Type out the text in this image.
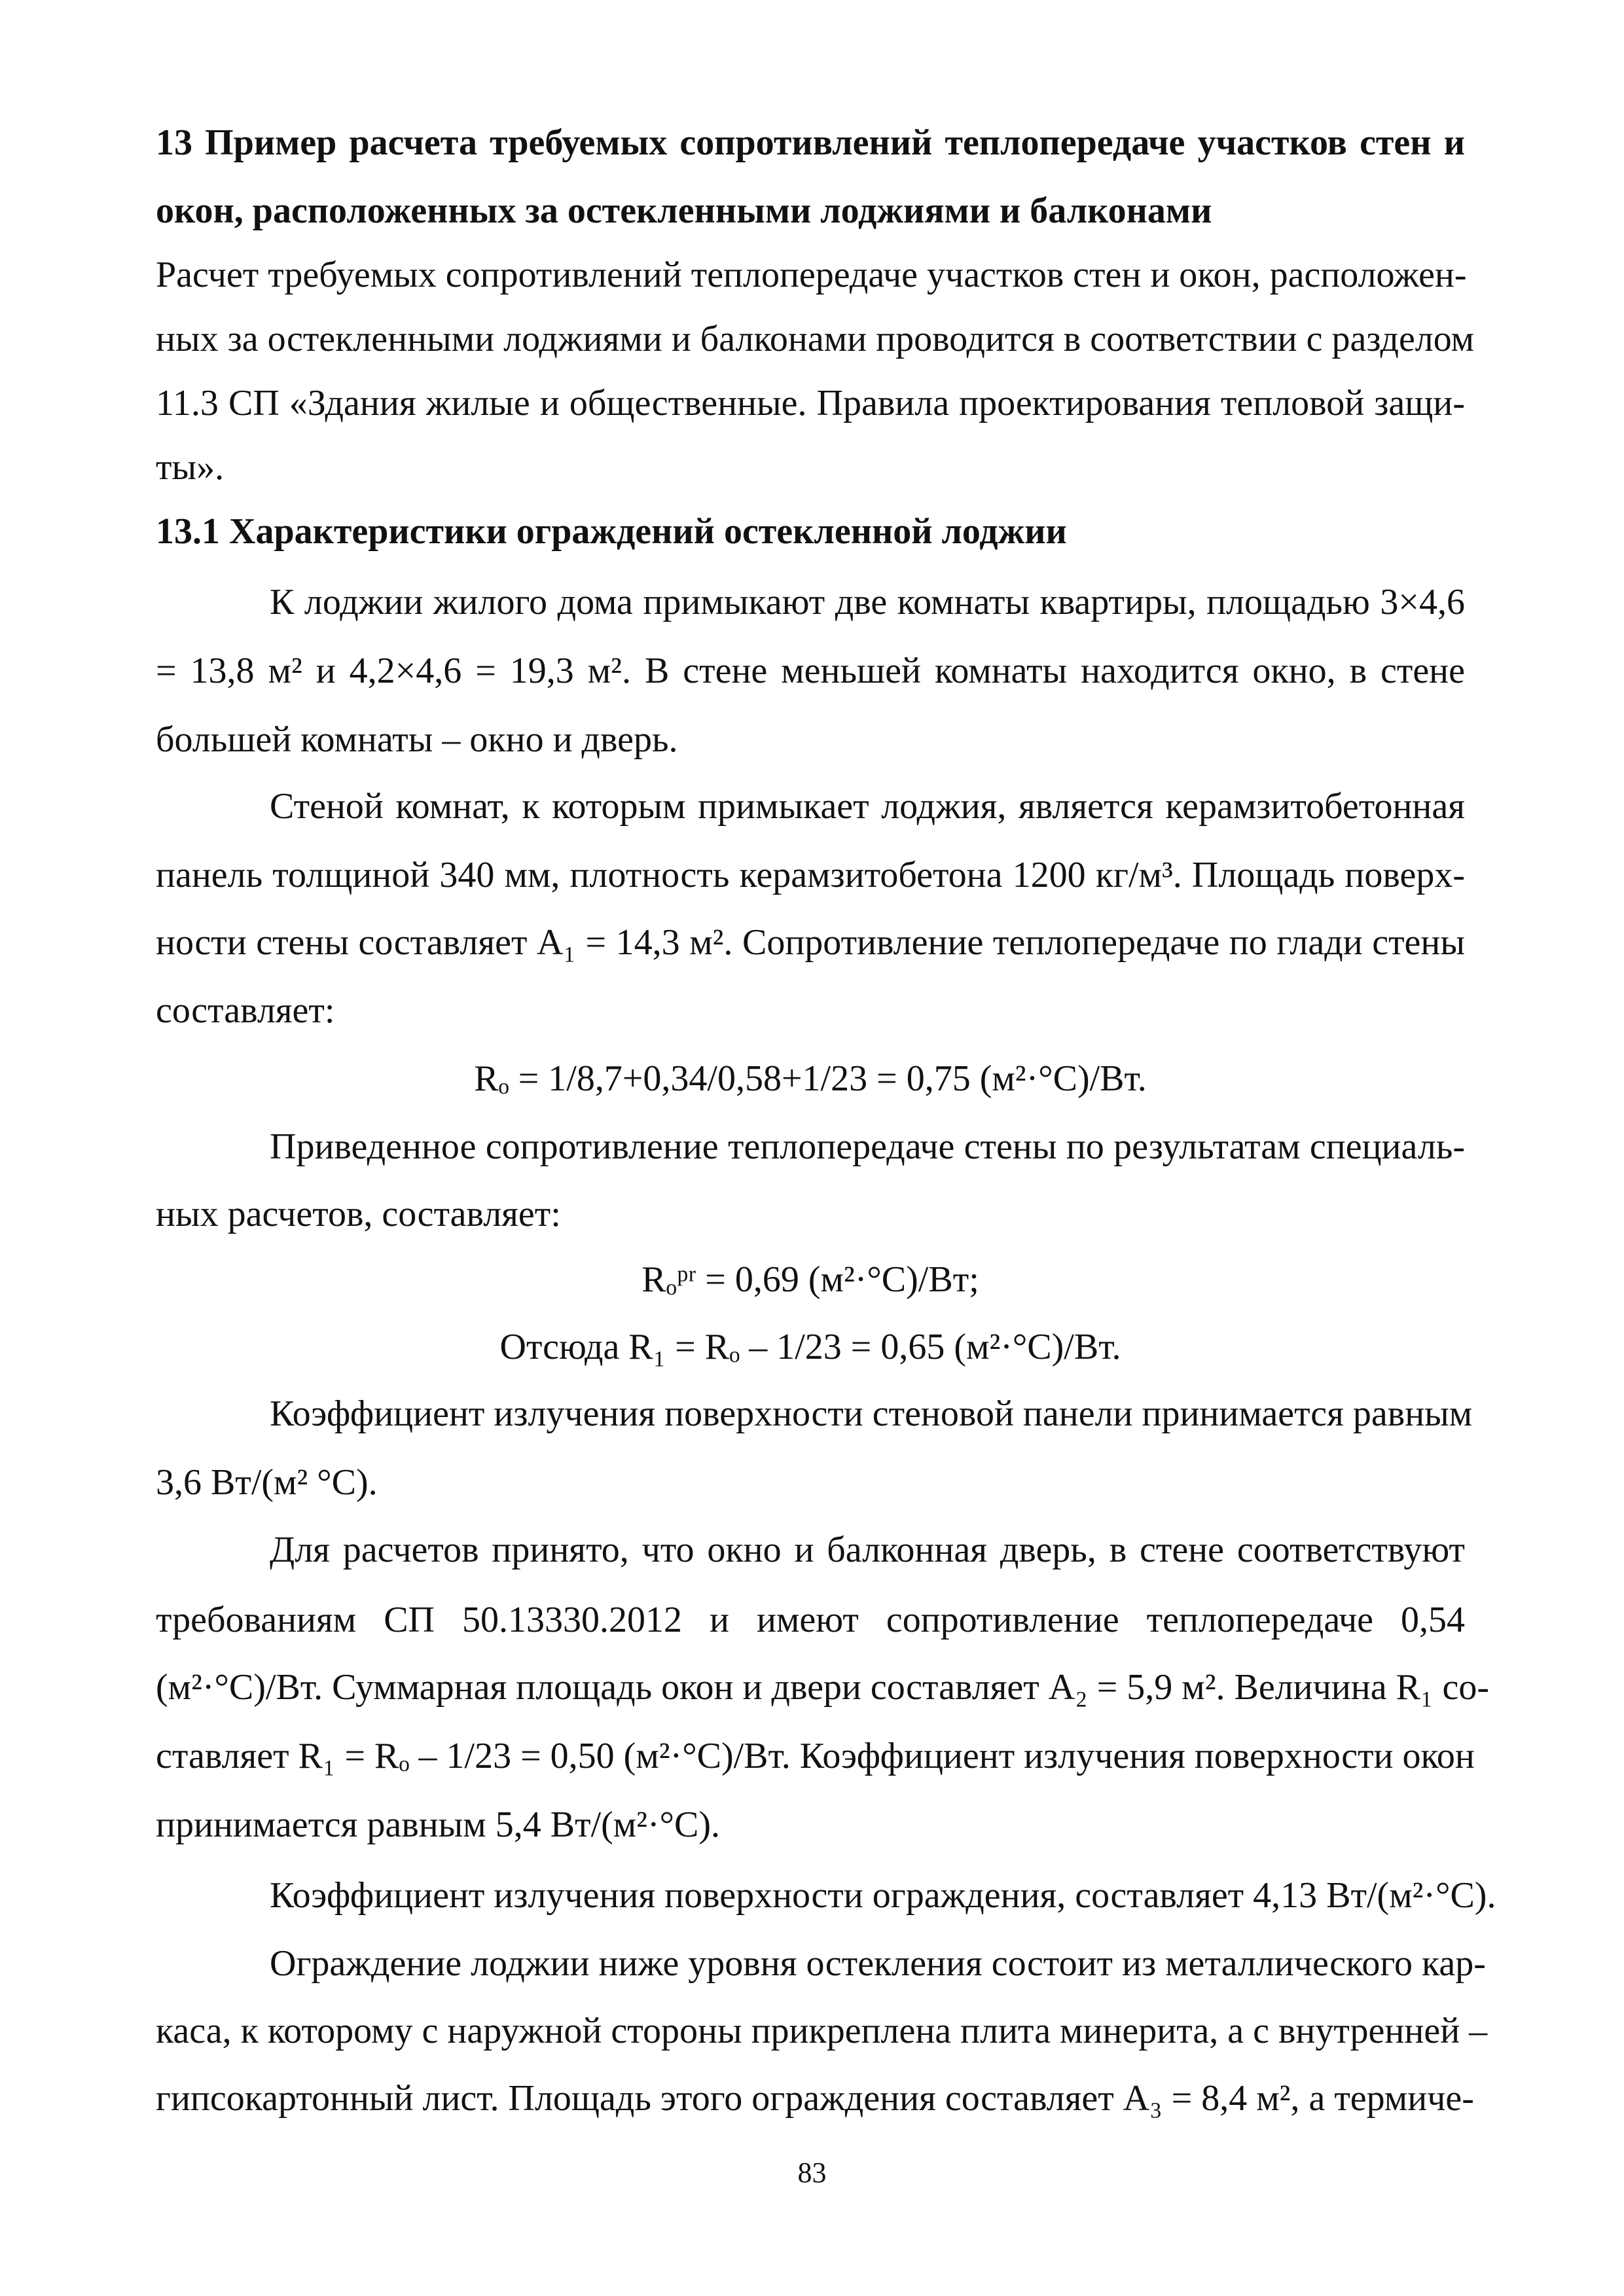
13 Пример расчета требуемых сопротивлений теплопередаче участков стен и
окон, расположенных за остекленными лоджиями и балконами
Расчет требуемых сопротивлений теплопередаче участков стен и окон, расположен-
ных за остекленными лоджиями и балконами проводится в соответствии с разделом
11.3 СП «Здания жилые и общественные. Правила проектирования тепловой защи-
ты».
13.1 Характеристики ограждений остекленной лоджии
К лоджии жилого дома примыкают две комнаты квартиры, площадью 3×4,6
= 13,8 м² и 4,2×4,6 = 19,3 м². В стене меньшей комнаты находится окно, в стене
большей комнаты – окно и дверь.
Стеной комнат, к которым примыкает лоджия, является керамзитобетонная
панель толщиной 340 мм, плотность керамзитобетона 1200 кг/м³. Площадь поверх-
ности стены составляет А₁ = 14,3 м². Сопротивление теплопередаче по глади стены
составляет:
Rₒ = 1/8,7+0,34/0,58+1/23 = 0,75 (м²·°С)/Вт.
Приведенное сопротивление теплопередаче стены по результатам специаль-
ных расчетов, составляет:
Rₒᵖʳ = 0,69 (м²·°С)/Вт;
Отсюда R₁ = Rₒ – 1/23 = 0,65 (м²·°С)/Вт.
Коэффициент излучения поверхности стеновой панели принимается равным
3,6 Вт/(м² °С).
Для расчетов принято, что окно и балконная дверь, в стене соответствуют
требованиям СП 50.13330.2012 и имеют сопротивление теплопередаче 0,54
(м²·°С)/Вт. Суммарная площадь окон и двери составляет А₂ = 5,9 м². Величина R₁ со-
ставляет R₁ = Rₒ – 1/23 = 0,50 (м²·°С)/Вт. Коэффициент излучения поверхности окон
принимается равным 5,4 Вт/(м²·°С).
Коэффициент излучения поверхности ограждения, составляет 4,13 Вт/(м²·°С).
Ограждение лоджии ниже уровня остекления состоит из металлического кар-
каса, к которому с наружной стороны прикреплена плита минерита, а с внутренней –
гипсокартонный лист. Площадь этого ограждения составляет A₃ = 8,4 м², а термиче-
83
